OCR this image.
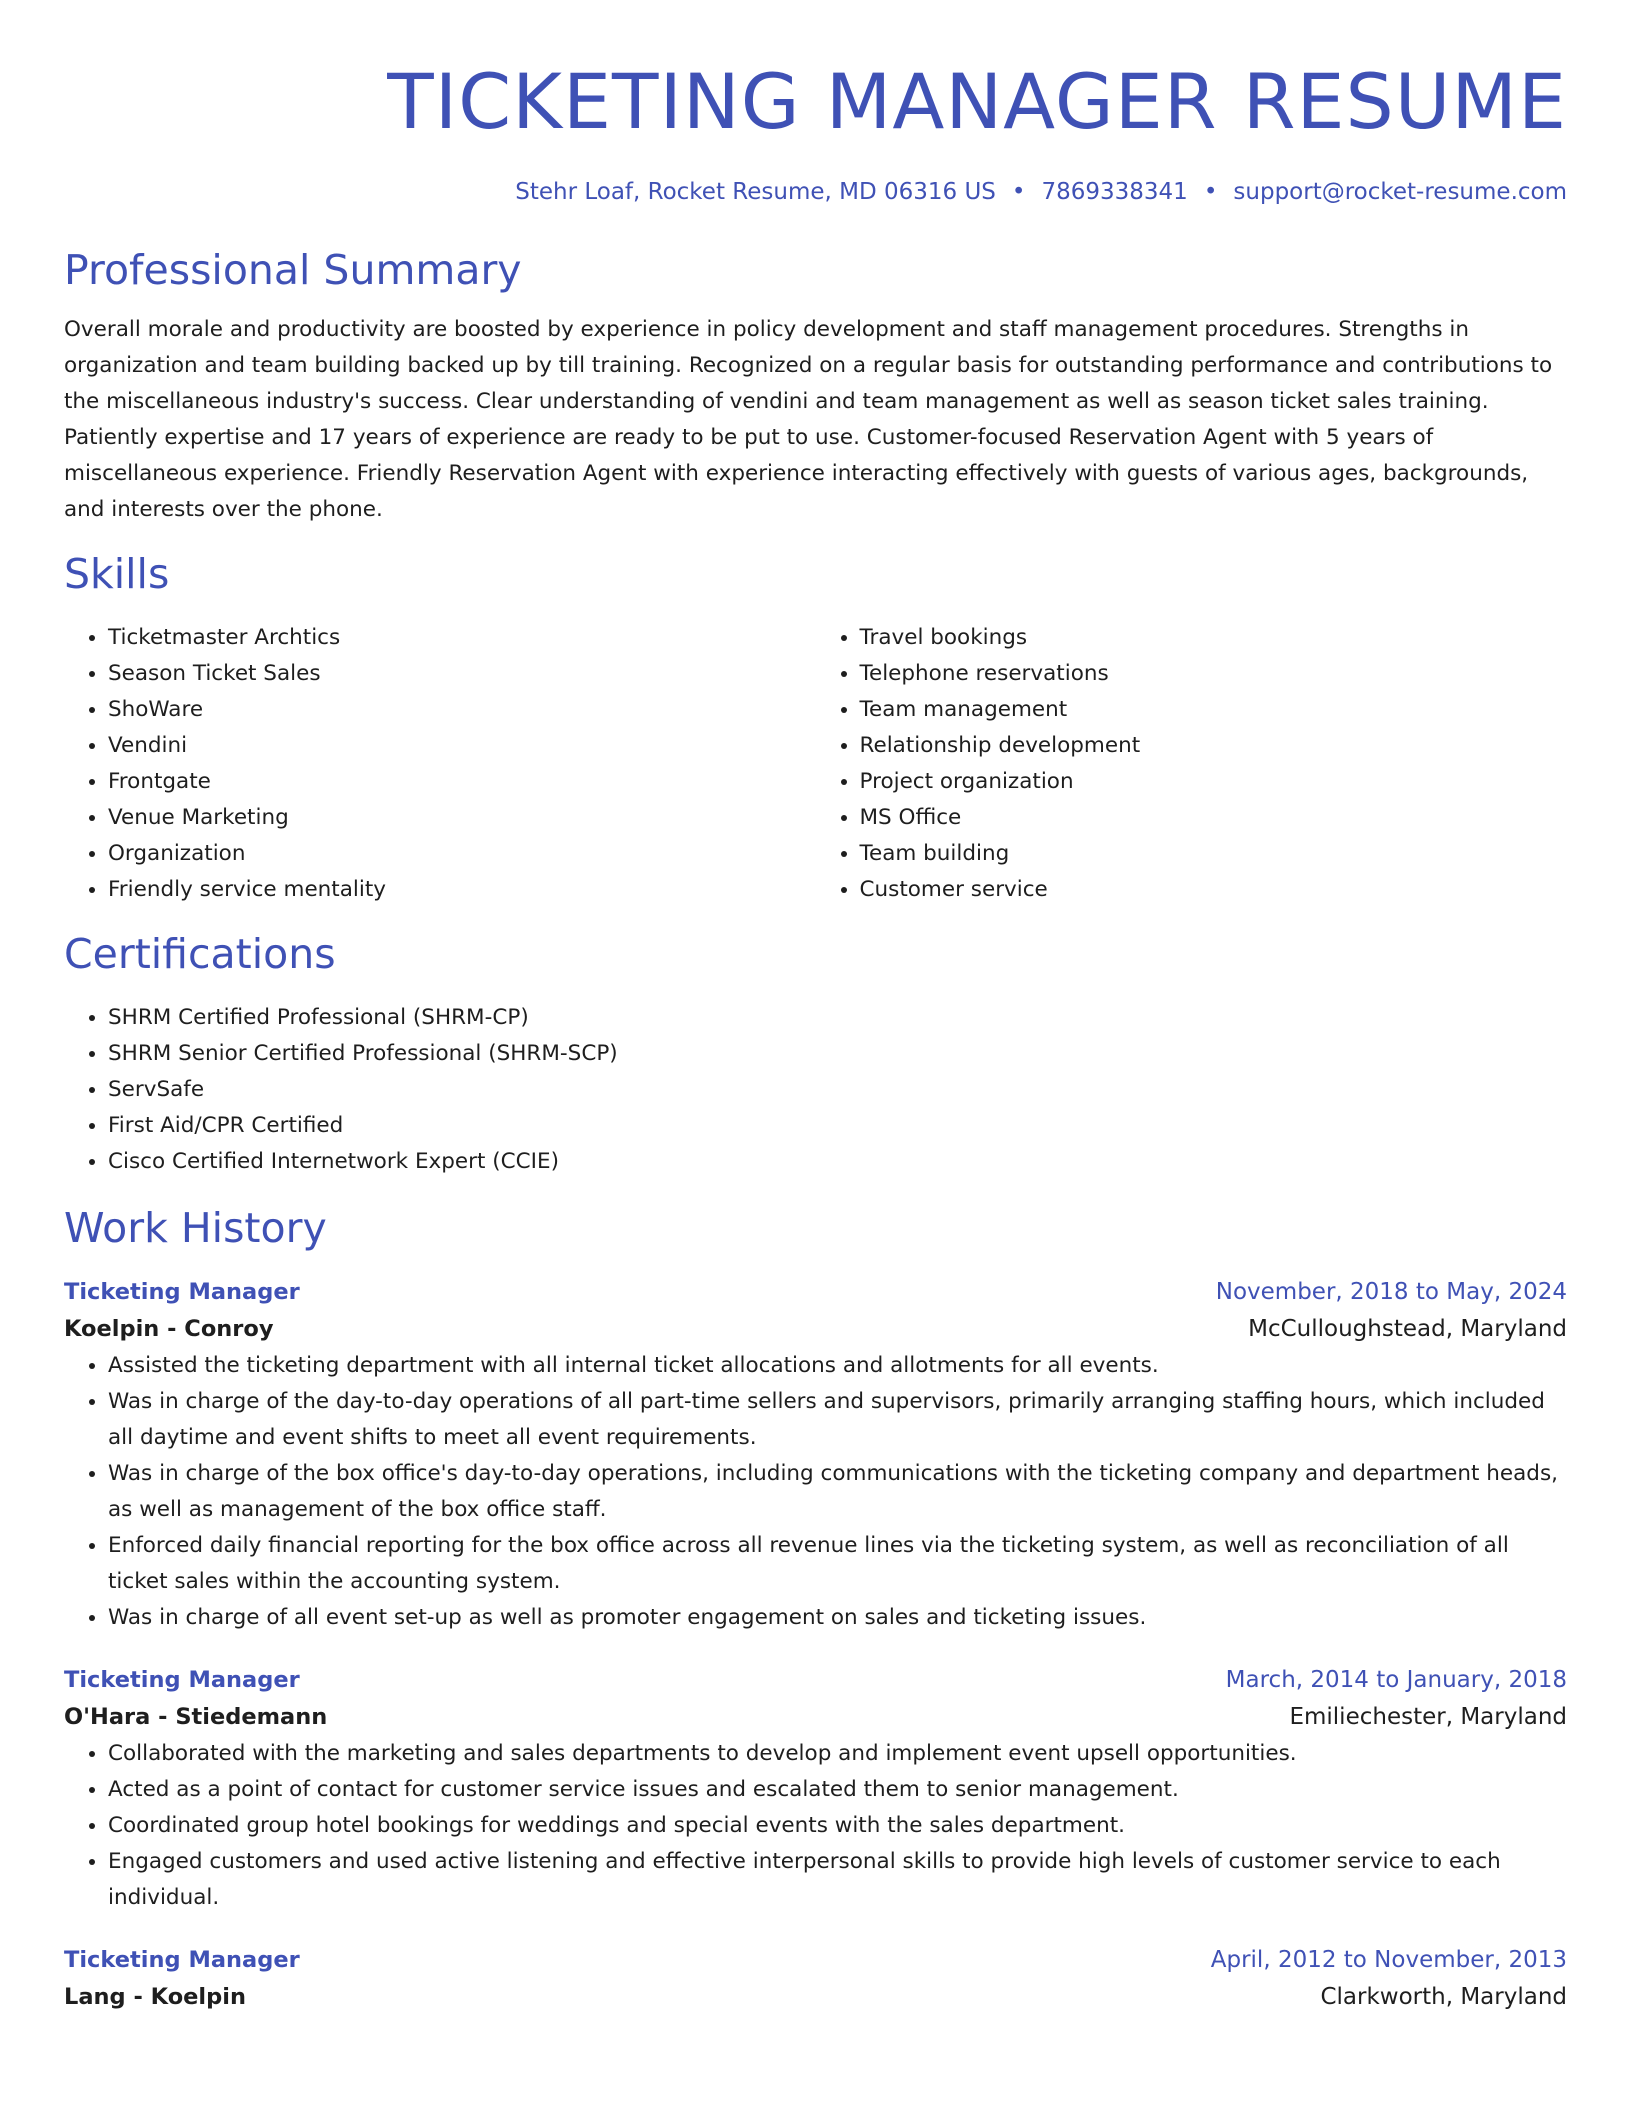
TICKETING MANAGER RESUME
Stehr Loaf, Rocket Resume, MD 06316 US • 7869338341 • support@rocket-resume.com
Professional Summary

Overall morale and productivity are boosted by experience in policy development and staff management procedures. Strengths in organization and team building backed up by till training. Recognized on a regular basis for outstanding performance and contributions to the miscellaneous industry's success. Clear understanding of vendini and team management as well as season ticket sales training. Patiently expertise and 17 years of experience are ready to be put to use. Customer-focused Reservation Agent with 5 years of miscellaneous experience. Friendly Reservation Agent with experience interacting effectively with guests of various ages, backgrounds, and interests over the phone.

Skills
• Ticketmaster Archtics
• Season Ticket Sales
• ShoWare
• Vendini
• Frontgate
• Venue Marketing
• Organization
• Friendly service mentality
• Travel bookings
• Telephone reservations
• Team management
• Relationship development
• Project organization
• MS Office
• Team building
• Customer service
Certifications
• SHRM Certified Professional (SHRM-CP)
• SHRM Senior Certified Professional (SHRM-SCP)
• ServSafe
• First Aid/CPR Certified
• Cisco Certified Internetwork Expert (CCIE)
Work History
Ticketing Manager	November, 2018 to May, 2024
Koelpin - Conroy	McCulloughstead, Maryland
• Assisted the ticketing department with all internal ticket allocations and allotments for all events.
• Was in charge of the day-to-day operations of all part-time sellers and supervisors, primarily arranging staffing hours, which included all daytime and event shifts to meet all event requirements.
• Was in charge of the box office's day-to-day operations, including communications with the ticketing company and department heads, as well as management of the box office staff.
• Enforced daily financial reporting for the box office across all revenue lines via the ticketing system, as well as reconciliation of all ticket sales within the accounting system.
• Was in charge of all event set-up as well as promoter engagement on sales and ticketing issues.
Ticketing Manager	March, 2014 to January, 2018
O'Hara - Stiedemann	Emiliechester, Maryland
• Collaborated with the marketing and sales departments to develop and implement event upsell opportunities.
• Acted as a point of contact for customer service issues and escalated them to senior management.
• Coordinated group hotel bookings for weddings and special events with the sales department.
• Engaged customers and used active listening and effective interpersonal skills to provide high levels of customer service to each individual.
Ticketing Manager	April, 2012 to November, 2013
Lang - Koelpin	Clarkworth, Maryland
